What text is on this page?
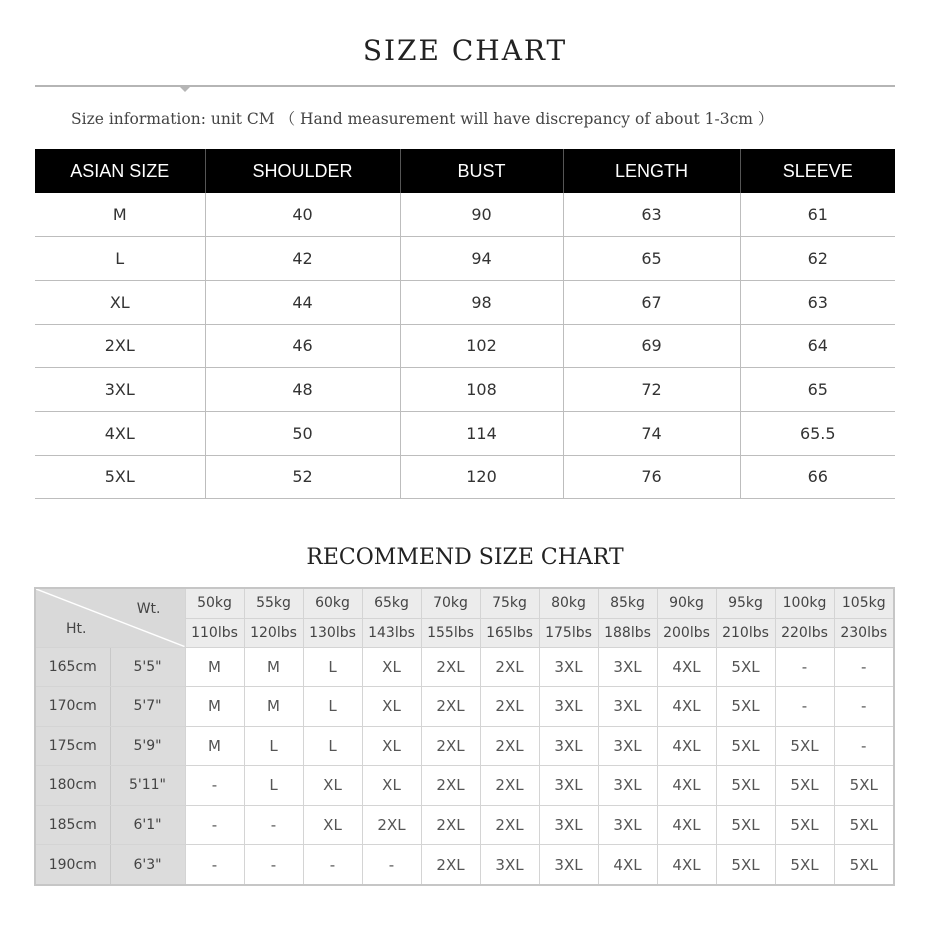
SIZE CHART
Size information: unit CM （ Hand measurement will have discrepancy of about 1-3cm ）
ASIAN SIZE	SHOULDER	BUST	LENGTH	SLEEVE
M	40	90	63	61
L	42	94	65	62
XL	44	98	67	63
2XL	46	102	69	64
3XL	48	108	72	65
4XL	50	114	74	65.5
5XL	52	120	76	66
RECOMMEND SIZE CHART
Wt.
Ht.		50kg	55kg	60kg	65kg	70kg	75kg	80kg	85kg	90kg	95kg	100kg	105kg
		110lbs	120lbs	130lbs	143lbs	155lbs	165lbs	175lbs	188lbs	200lbs	210lbs	220lbs	230lbs
165cm	5'5"	M	M	L	XL	2XL	2XL	3XL	3XL	4XL	5XL	-	-
170cm	5'7"	M	M	L	XL	2XL	2XL	3XL	3XL	4XL	5XL	-	-
175cm	5'9"	M	L	L	XL	2XL	2XL	3XL	3XL	4XL	5XL	5XL	-
180cm	5'11"	-	L	XL	XL	2XL	2XL	3XL	3XL	4XL	5XL	5XL	5XL
185cm	6'1"	-	-	XL	2XL	2XL	2XL	3XL	3XL	4XL	5XL	5XL	5XL
190cm	6'3"	-	-	-	-	2XL	3XL	3XL	4XL	4XL	5XL	5XL	5XL
